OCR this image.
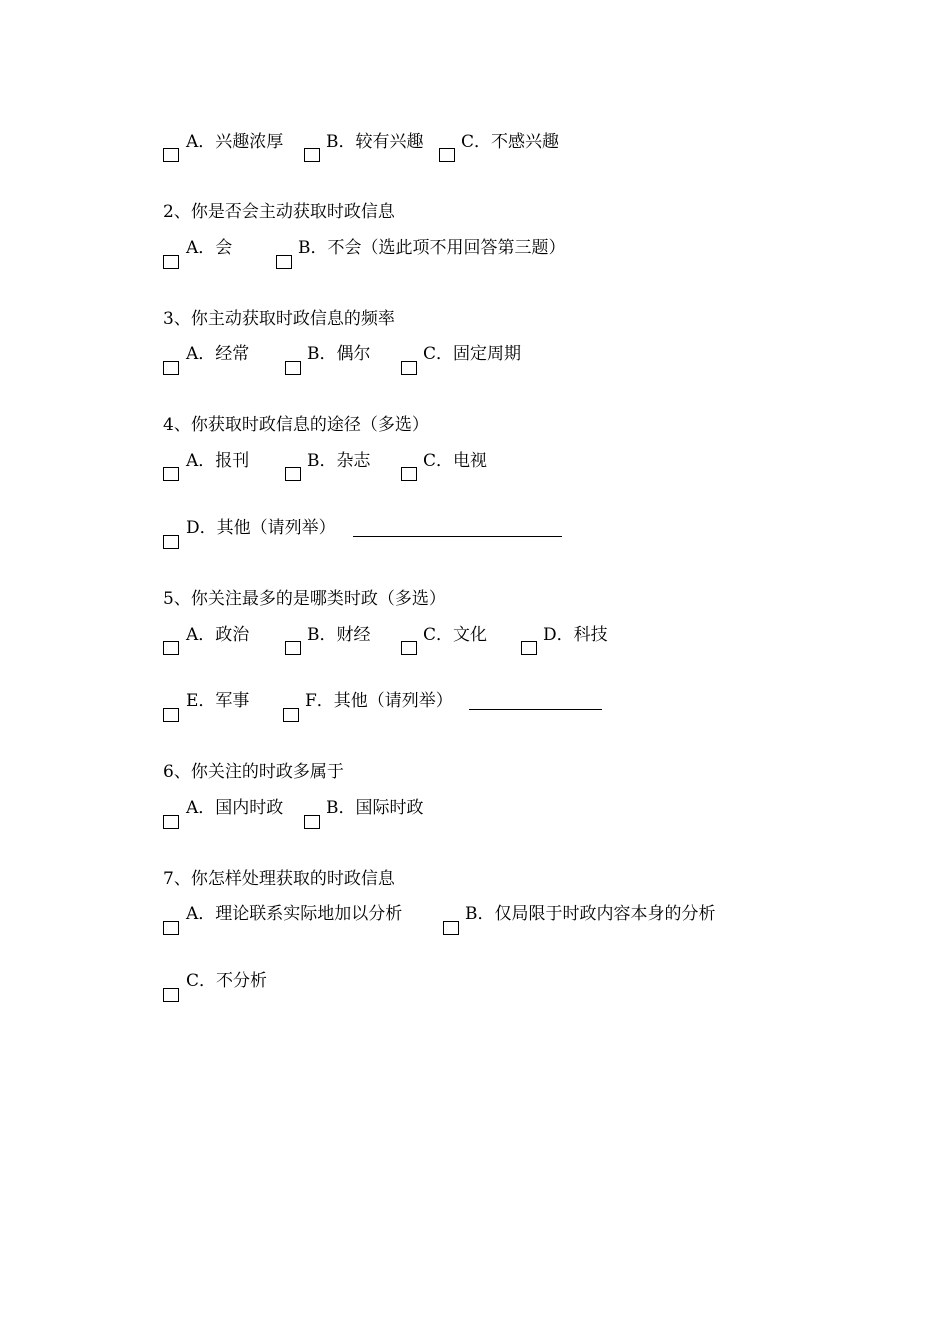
A．兴趣浓厚	B．较有兴趣 C．不感兴趣
2、你是否会主动获取时政信息
A．会	B．不会（选此项不用回答第三题）
3、你主动获取时政信息的频率
A．经常	B．偶尔	C．固定周期
4、你获取时政信息的途径（多选）
A．报刊	B．杂志	C．电视
D．其他（请列举）
5、你关注最多的是哪类时政（多选）
A．政治	B．财经	C．文化	D．科技
E．军事	F．其他（请列举）
6、你关注的时政多属于
A．国内时政	B．国际时政
7、你怎样处理获取的时政信息
A．理论联系实际地加以分析	B．仅局限于时政内容本身的分析
C．不分析
